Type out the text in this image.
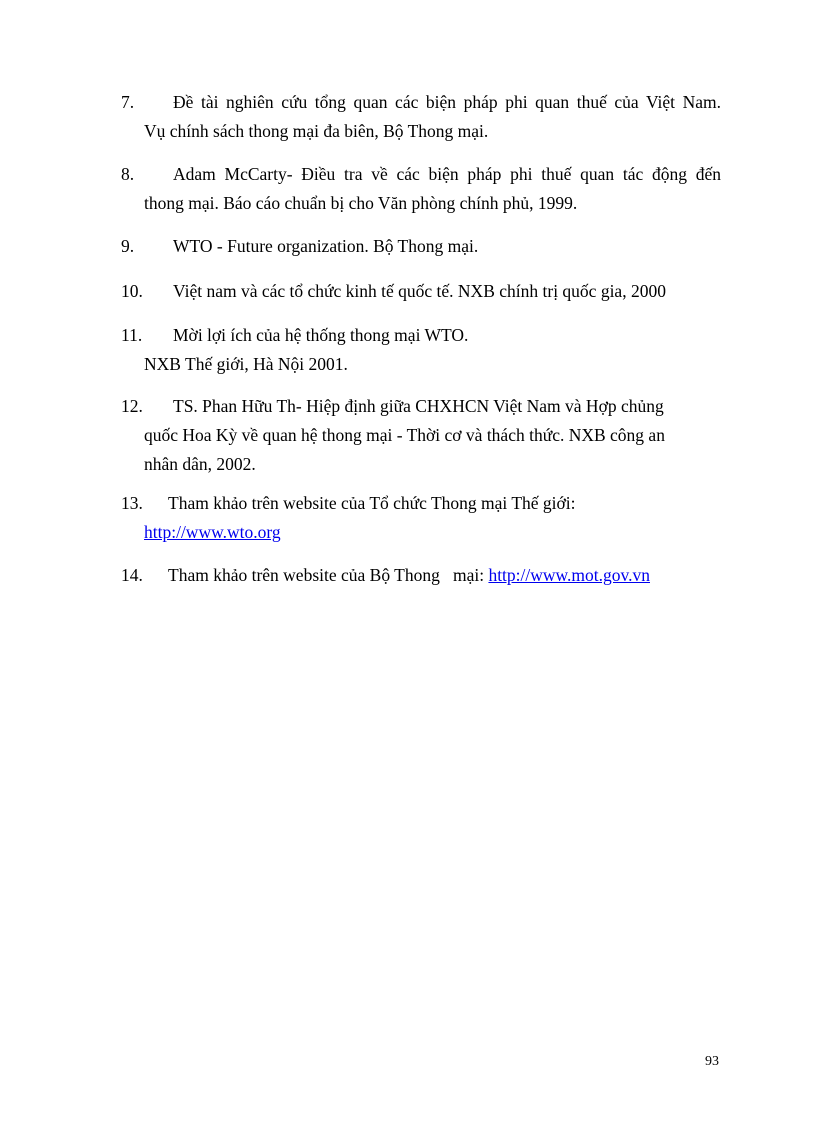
7.	Đề tài nghiên cứu tổng quan các biện pháp phi quan thuế của Việt Nam. Vụ chính sách thong mại đa biên, Bộ Thong mại.
8.	Adam McCarty- Điều tra về các biện pháp phi thuế quan tác động đến thong mại. Báo cáo chuẩn bị cho Văn phòng chính phủ, 1999.
9.	WTO - Future organization. Bộ Thong mại.
10.	Việt nam và các tổ chức kinh tế quốc tế. NXB chính trị quốc gia, 2000
11.	Mời lợi ích của hệ thống thong mại WTO. NXB Thế giới, Hà Nội 2001.
12.	TS. Phan Hữu Th- Hiệp định giữa CHXHCN Việt Nam và Hợp chủng quốc Hoa Kỳ về quan hệ thong mại - Thời cơ và thách thức. NXB công an nhân dân, 2002.
13.	Tham khảo trên website của Tổ chức Thong mại Thế giới: http://www.wto.org
14.	Tham khảo trên website của Bộ Thong   mại: http://www.mot.gov.vn
93
